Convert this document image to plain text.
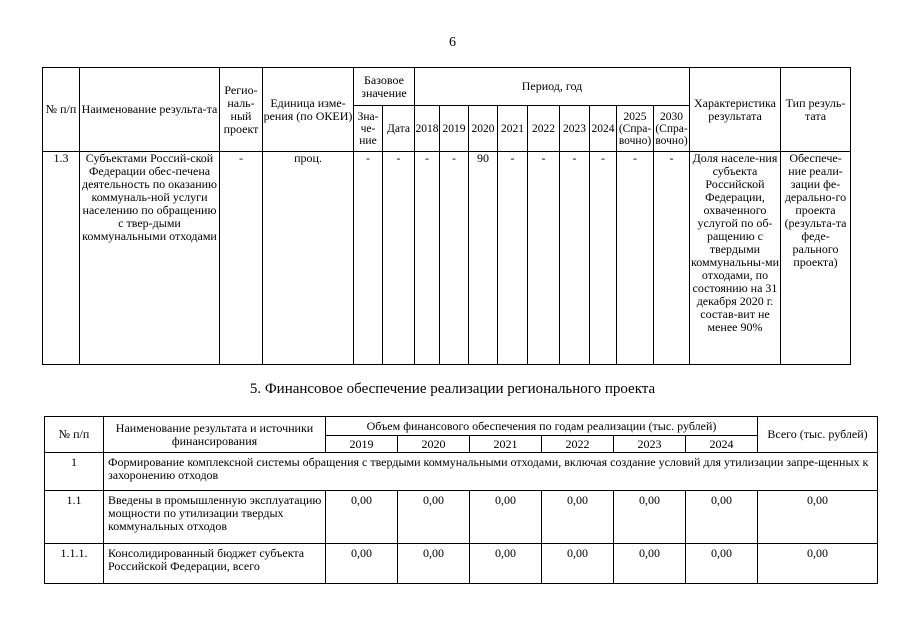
6
№ п/п	Наименование результа-та	Регио-наль-ный проект	Единица изме-рения (по ОКЕИ)	Базовое значение		Период, год									Характеристика результата	Тип резуль-тата
				Зна-че-ние	Дата	2018	2019	2020	2021	2022	2023	2024	2025 (Спра-вочно)	2030 (Спра-вочно)		
1.3	Субъектами Россий-ской Федерации обес-печена деятельность по оказанию коммуналь-ной услуги населению по обращению с твер-дыми коммунальными отходами	-	проц.	-	-	-	-	90	-	-	-	-	-	-	Доля населе-ния субъекта Российской Федерации, охваченного услугой по об-ращению с твердыми коммунальны-ми отходами, по состоянию на 31 декабря 2020 г. состав-вит не менее 90%	Обеспече-ние реали-зации фе-дерально-го проекта (результа-та феде-рального проекта)
5. Финансовое обеспечение реализации регионального проекта
№ п/п	Наименование результата и источники финансирования	Объем финансового обеспечения по годам реализации (тыс. рублей)						Всего (тыс. рублей)
		2019	2020	2021	2022	2023	2024	
1	Формирование комплексной системы обращения с твердыми коммунальными отходами, включая создание условий для утилизации запре-щенных к захоронению отходов							
1.1	Введены в промышленную эксплуатацию мощности по утилизации твердых коммунальных отходов	0,00	0,00	0,00	0,00	0,00	0,00	0,00
1.1.1.	Консолидированный бюджет субъекта Российской Федерации, всего	0,00	0,00	0,00	0,00	0,00	0,00	0,00
